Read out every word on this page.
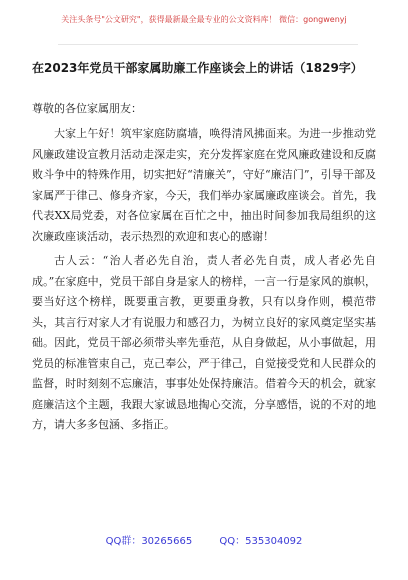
关注头条号"公文研究"，获得最新最全最专业的公文资料库！ 微信：gongwenyj
在2023年党员干部家属助廉工作座谈会上的讲话（1829字）
尊敬的各位家属朋友：

大家上午好！筑牢家庭防腐墙，唤得清风拂面来。为进一步推动党风廉政建设宣教月活动走深走实，充分发挥家庭在党风廉政建设和反腐败斗争中的特殊作用，切实把好“清廉关”，守好“廉洁门”，引导干部及家属严于律己、修身齐家，今天，我们举办家属廉政座谈会。首先，我代表XX局党委，对各位家属在百忙之中，抽出时间参加我局组织的这次廉政座谈活动，表示热烈的欢迎和衷心的感谢！

古人云：“治人者必先自治，责人者必先自责，成人者必先自成。”在家庭中，党员干部自身是家人的榜样，一言一行是家风的旗帜，要当好这个榜样，既要重言教，更要重身教，只有以身作则，模范带头，其言行对家人才有说服力和感召力，为树立良好的家风奠定坚实基础。因此，党员干部必须带头率先垂范，从自身做起，从小事做起，用党员的标准管束自己，克己奉公，严于律己，自觉接受党和人民群众的监督，时时刻刻不忘廉洁，事事处处保持廉洁。借着今天的机会，就家庭廉洁这个主题，我跟大家诚恳地掏心交流，分享感悟，说的不对的地方，请大多多包涵、多指正。

QQ群：30265665	QQ：535304092
